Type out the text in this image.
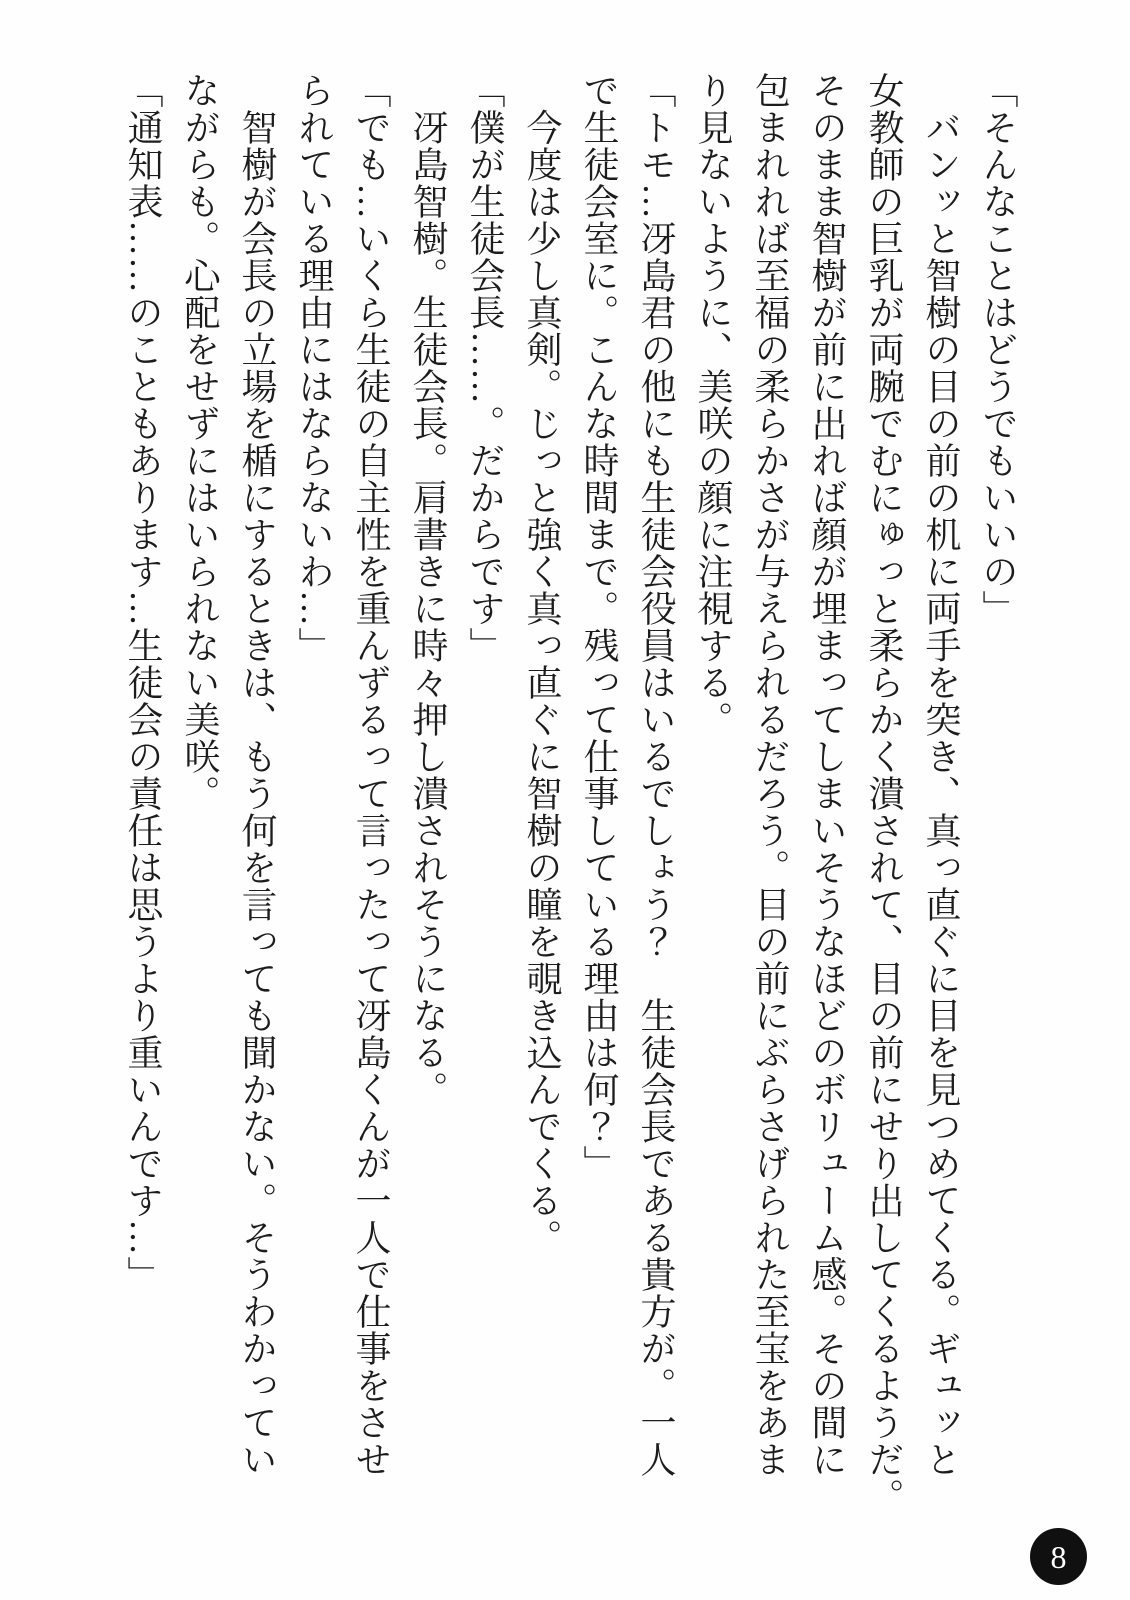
「そんなことはどうでもいいの」

　バンッと智樹の目の前の机に両手を突き、真っ直ぐに目を見つめてくる。ギュッと

女教師の巨乳が両腕でむにゅっと柔らかく潰されて、目の前にせり出してくるようだ。

そのまま智樹が前に出れば顔が埋まってしまいそうなほどのボリューム感。その間に

包まれれば至福の柔らかさが与えられるだろう。目の前にぶらさげられた至宝をあま

り見ないように、美咲の顔に注視する。

「トモ…冴島君の他にも生徒会役員はいるでしょう？　生徒会長である貴方が。一人

で生徒会室に。こんな時間まで。残って仕事している理由は何？」

　今度は少し真剣。じっと強く真っ直ぐに智樹の瞳を覗き込んでくる。

「僕が生徒会長……。だからです」

　冴島智樹。生徒会長。肩書きに時々押し潰されそうになる。

「でも…いくら生徒の自主性を重んずるって言ったって冴島くんが一人で仕事をさせ

られている理由にはならないわ…」

　智樹が会長の立場を楯にするときは、もう何を言っても聞かない。そうわかってい

ながらも。心配をせずにはいられない美咲。

「通知表……のこともあります…生徒会の責任は思うより重いんです…」

8
